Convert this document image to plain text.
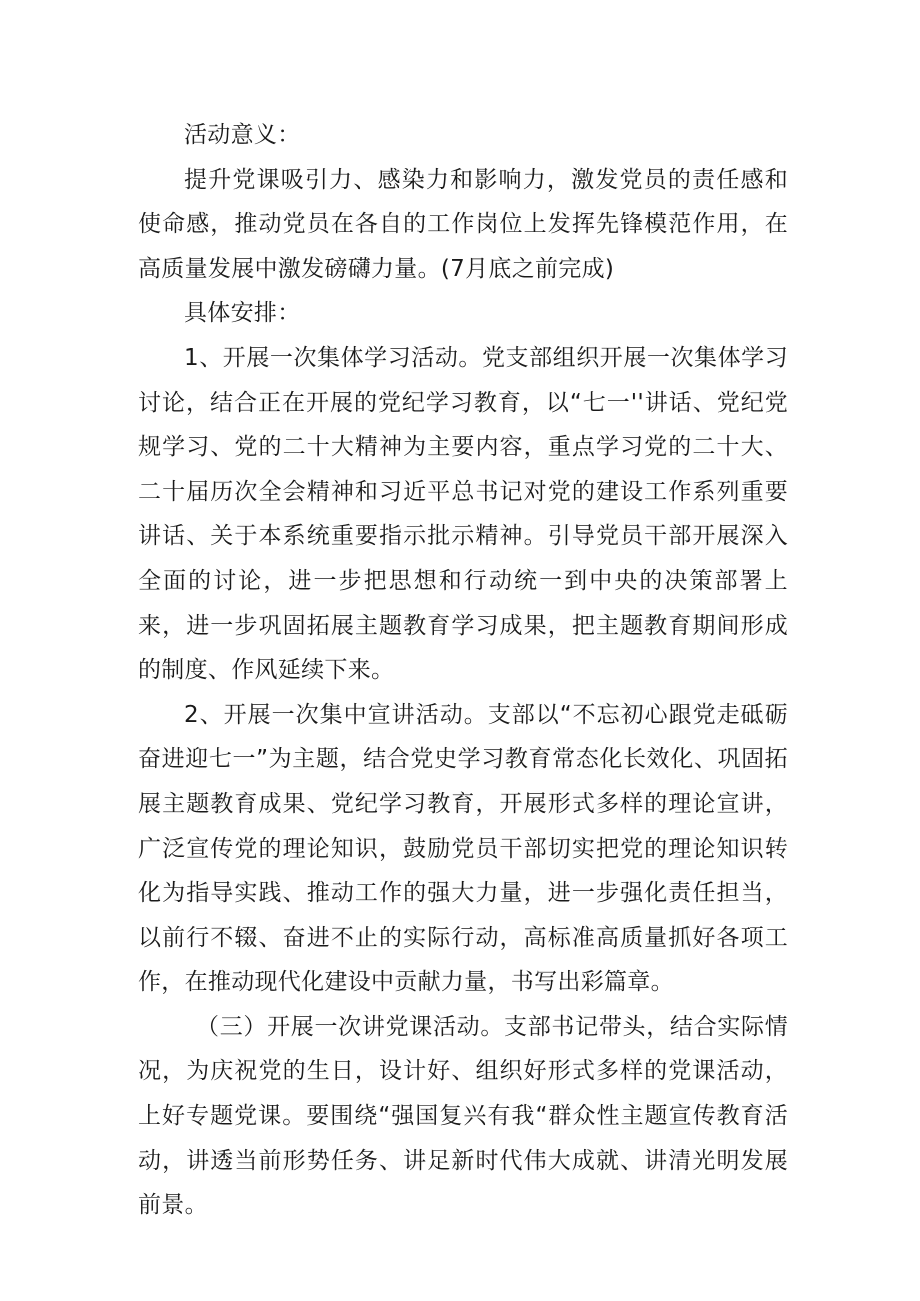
活动意义：

提升党课吸引力、感染力和影响力，激发党员的责任感和使命感，推动党员在各自的工作岗位上发挥先锋模范作用，在高质量发展中激发磅礴力量。(7月底之前完成)

具体安排：

1、开展一次集体学习活动。党支部组织开展一次集体学习讨论，结合正在开展的党纪学习教育，以“七一''讲话、党纪党规学习、党的二十大精神为主要内容，重点学习党的二十大、二十届历次全会精神和习近平总书记对党的建设工作系列重要讲话、关于本系统重要指示批示精神。引导党员干部开展深入全面的讨论，进一步把思想和行动统一到中央的决策部署上来，进一步巩固拓展主题教育学习成果，把主题教育期间形成的制度、作风延续下来。

2、开展一次集中宣讲活动。支部以“不忘初心跟党走砥砺奋进迎七一”为主题，结合党史学习教育常态化长效化、巩固拓展主题教育成果、党纪学习教育，开展形式多样的理论宣讲，广泛宣传党的理论知识，鼓励党员干部切实把党的理论知识转化为指导实践、推动工作的强大力量，进一步强化责任担当，以前行不辍、奋进不止的实际行动，高标准高质量抓好各项工作，在推动现代化建设中贡献力量，书写出彩篇章。

（三）开展一次讲党课活动。支部书记带头，结合实际情况，为庆祝党的生日，设计好、组织好形式多样的党课活动，上好专题党课。要围绕“强国复兴有我“群众性主题宣传教育活动，讲透当前形势任务、讲足新时代伟大成就、讲清光明发展前景。
